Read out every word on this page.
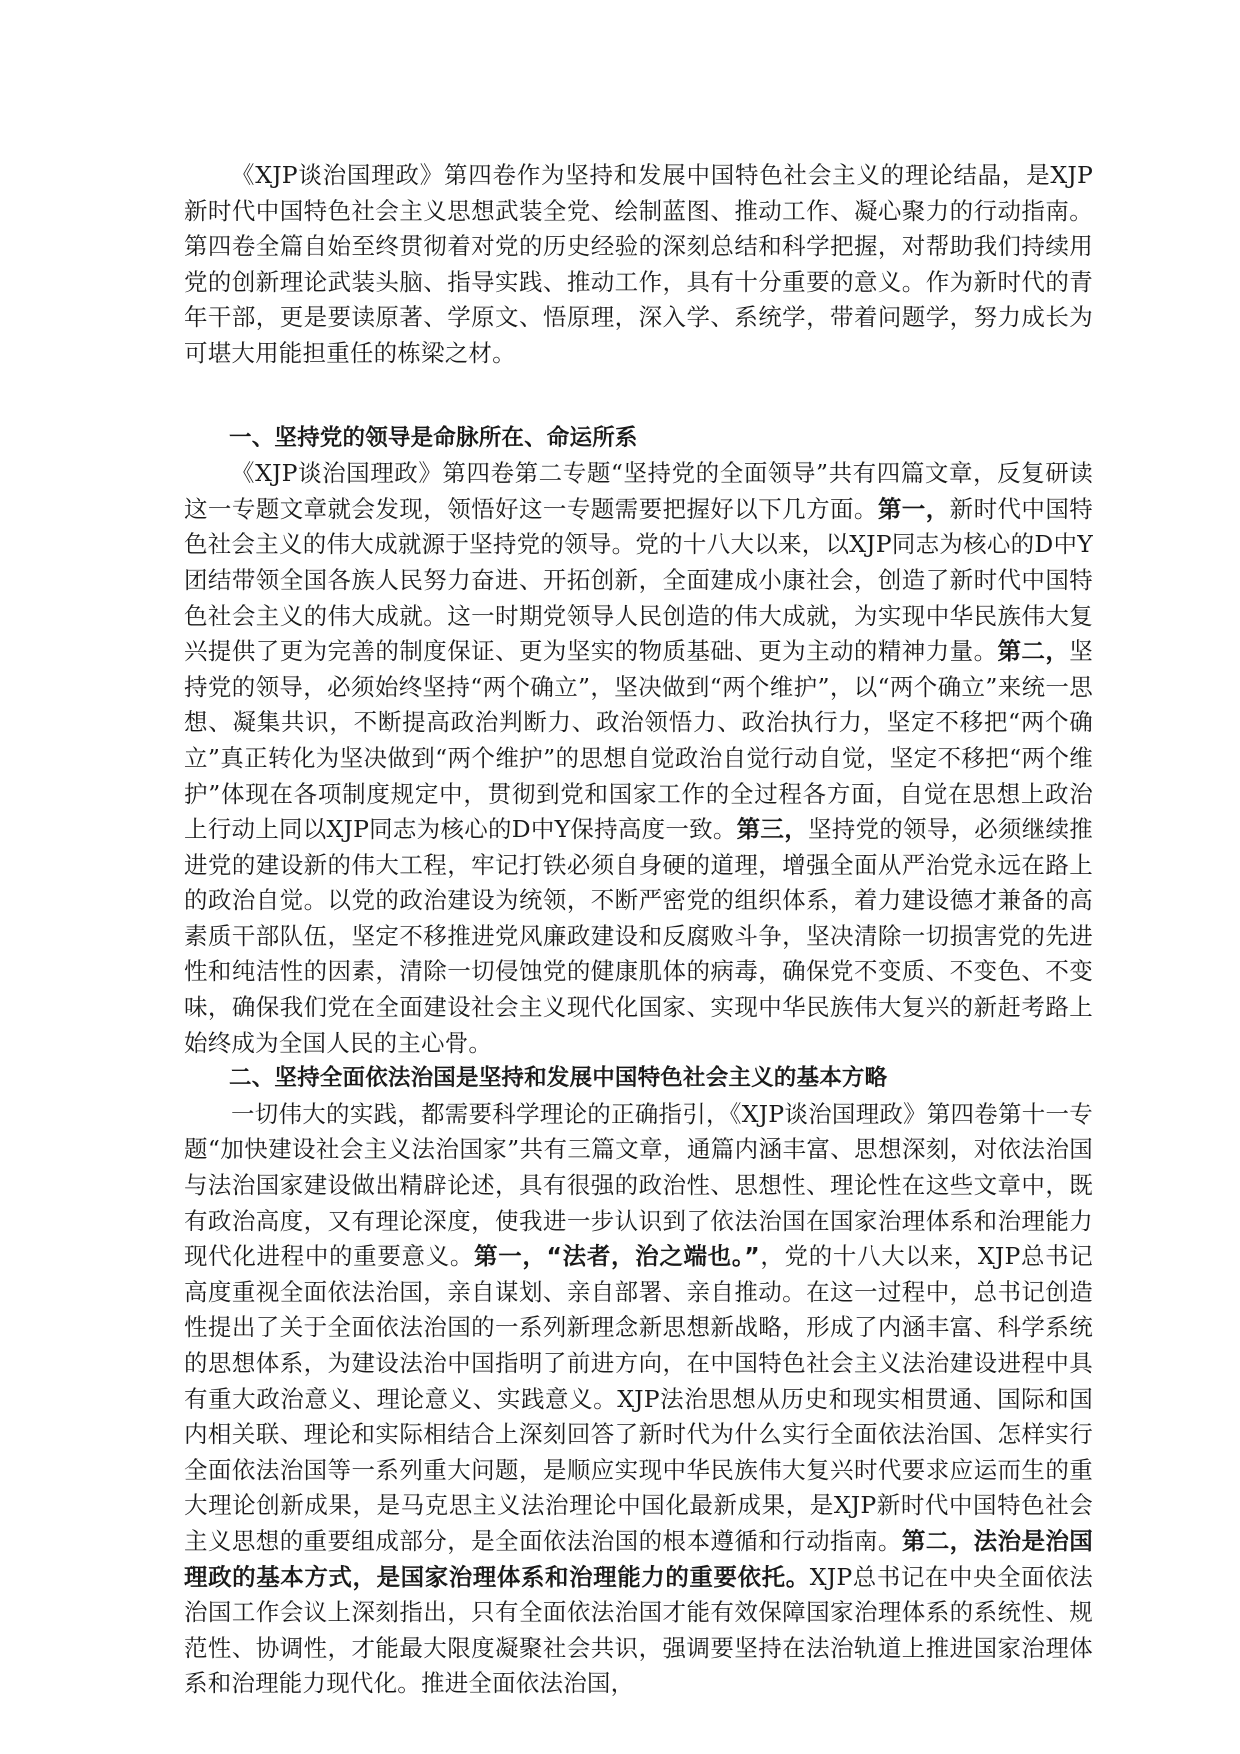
《XJP谈治国理政》第四卷作为坚持和发展中国特色社会主义的理论结晶，是XJP新时代中国特色社会主义思想武装全党、绘制蓝图、推动工作、凝心聚力的行动指南。第四卷全篇自始至终贯彻着对党的历史经验的深刻总结和科学把握，对帮助我们持续用党的创新理论武装头脑、指导实践、推动工作，具有十分重要的意义。作为新时代的青年干部，更是要读原著、学原文、悟原理，深入学、系统学，带着问题学，努力成长为可堪大用能担重任的栋梁之材。

一、坚持党的领导是命脉所在、命运所系

《XJP谈治国理政》第四卷第二专题“坚持党的全面领导”共有四篇文章，反复研读这一专题文章就会发现，领悟好这一专题需要把握好以下几方面。第一，新时代中国特色社会主义的伟大成就源于坚持党的领导。党的十八大以来，以XJP同志为核心的D中Y团结带领全国各族人民努力奋进、开拓创新，全面建成小康社会，创造了新时代中国特色社会主义的伟大成就。这一时期党领导人民创造的伟大成就，为实现中华民族伟大复兴提供了更为完善的制度保证、更为坚实的物质基础、更为主动的精神力量。第二，坚持党的领导，必须始终坚持“两个确立”，坚决做到“两个维护”，以“两个确立”来统一思想、凝集共识，不断提高政治判断力、政治领悟力、政治执行力，坚定不移把“两个确立”真正转化为坚决做到“两个维护”的思想自觉政治自觉行动自觉，坚定不移把“两个维护”体现在各项制度规定中，贯彻到党和国家工作的全过程各方面，自觉在思想上政治上行动上同以XJP同志为核心的D中Y保持高度一致。第三，坚持党的领导，必须继续推进党的建设新的伟大工程，牢记打铁必须自身硬的道理，增强全面从严治党永远在路上的政治自觉。以党的政治建设为统领，不断严密党的组织体系，着力建设德才兼备的高素质干部队伍，坚定不移推进党风廉政建设和反腐败斗争，坚决清除一切损害党的先进性和纯洁性的因素，清除一切侵蚀党的健康肌体的病毒，确保党不变质、不变色、不变味，确保我们党在全面建设社会主义现代化国家、实现中华民族伟大复兴的新赶考路上始终成为全国人民的主心骨。

二、坚持全面依法治国是坚持和发展中国特色社会主义的基本方略

一切伟大的实践，都需要科学理论的正确指引，《XJP谈治国理政》第四卷第十一专题“加快建设社会主义法治国家”共有三篇文章，通篇内涵丰富、思想深刻，对依法治国与法治国家建设做出精辟论述，具有很强的政治性、思想性、理论性在这些文章中，既有政治高度，又有理论深度，使我进一步认识到了依法治国在国家治理体系和治理能力现代化进程中的重要意义。第一，“法者，治之端也。”，党的十八大以来，XJP总书记高度重视全面依法治国，亲自谋划、亲自部署、亲自推动。在这一过程中，总书记创造性提出了关于全面依法治国的一系列新理念新思想新战略，形成了内涵丰富、科学系统的思想体系，为建设法治中国指明了前进方向，在中国特色社会主义法治建设进程中具有重大政治意义、理论意义、实践意义。XJP法治思想从历史和现实相贯通、国际和国内相关联、理论和实际相结合上深刻回答了新时代为什么实行全面依法治国、怎样实行全面依法治国等一系列重大问题，是顺应实现中华民族伟大复兴时代要求应运而生的重大理论创新成果，是马克思主义法治理论中国化最新成果，是XJP新时代中国特色社会主义思想的重要组成部分，是全面依法治国的根本遵循和行动指南。第二，法治是治国理政的基本方式，是国家治理体系和治理能力的重要依托。XJP总书记在中央全面依法治国工作会议上深刻指出，只有全面依法治国才能有效保障国家治理体系的系统性、规范性、协调性，才能最大限度凝聚社会共识，强调要坚持在法治轨道上推进国家治理体系和治理能力现代化。推进全面依法治国，
